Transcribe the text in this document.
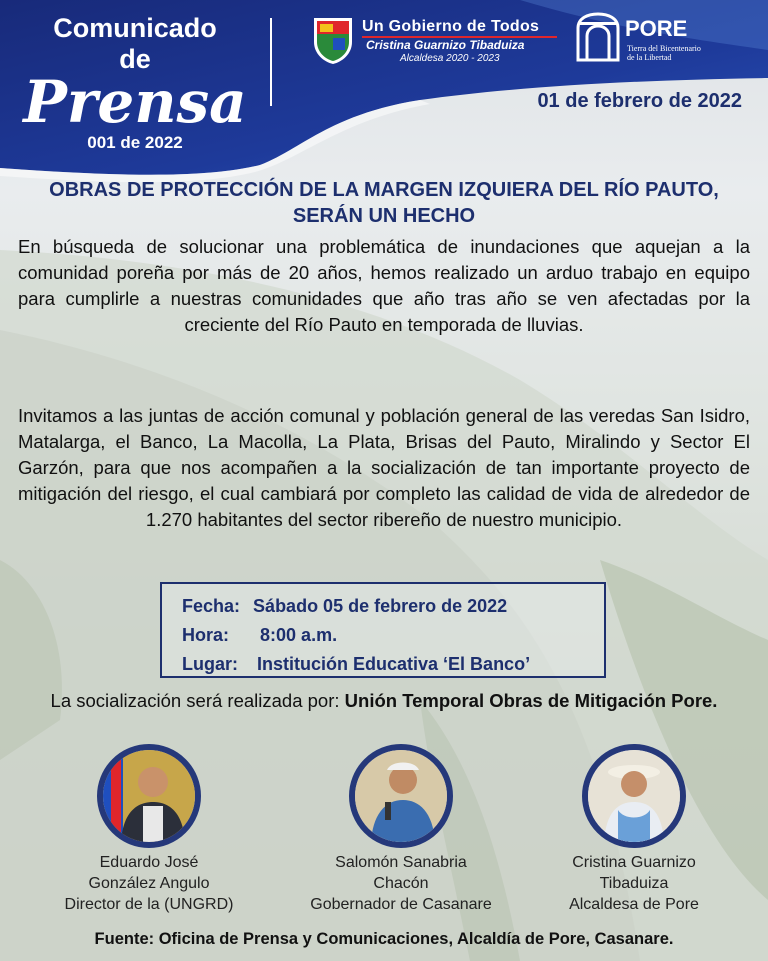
Comunicado
de
Prensa
001 de 2022
Un Gobierno de Todos
Cristina Guarnizo Tibaduiza
Alcaldesa 2020 - 2023
PORE
Tierra del Bicentenario de la Libertad
01 de febrero de 2022
OBRAS DE PROTECCIÓN DE LA MARGEN IZQUIERA DEL RÍO PAUTO, SERÁN UN HECHO
En búsqueda de solucionar una problemática de inundaciones que aquejan a la comunidad poreña por más de 20 años, hemos realizado un arduo trabajo en equipo para cumplirle a nuestras comunidades que año tras año se ven afectadas por la creciente del Río Pauto en temporada de lluvias.
Invitamos a las juntas de acción comunal y población general de las veredas San Isidro, Matalarga, el Banco, La Macolla, La Plata, Brisas del Pauto, Miralindo y Sector El Garzón, para que nos acompañen a la socialización de tan importante proyecto de mitigación del riesgo, el cual cambiará por completo las calidad de vida de alrededor de 1.270 habitantes del sector ribereño de nuestro municipio.
Fecha: Sábado 05 de febrero de 2022
Hora: 8:00 a.m.
Lugar: Institución Educativa ‘El Banco’
La socialización será realizada por: Unión Temporal Obras de Mitigación Pore.
Eduardo José
González Angulo
Director de la (UNGRD)
Salomón Sanabria
Chacón
Gobernador de Casanare
Cristina Guarnizo
Tibaduiza
Alcaldesa de Pore
Fuente: Oficina de Prensa y Comunicaciones, Alcaldía de Pore, Casanare.
